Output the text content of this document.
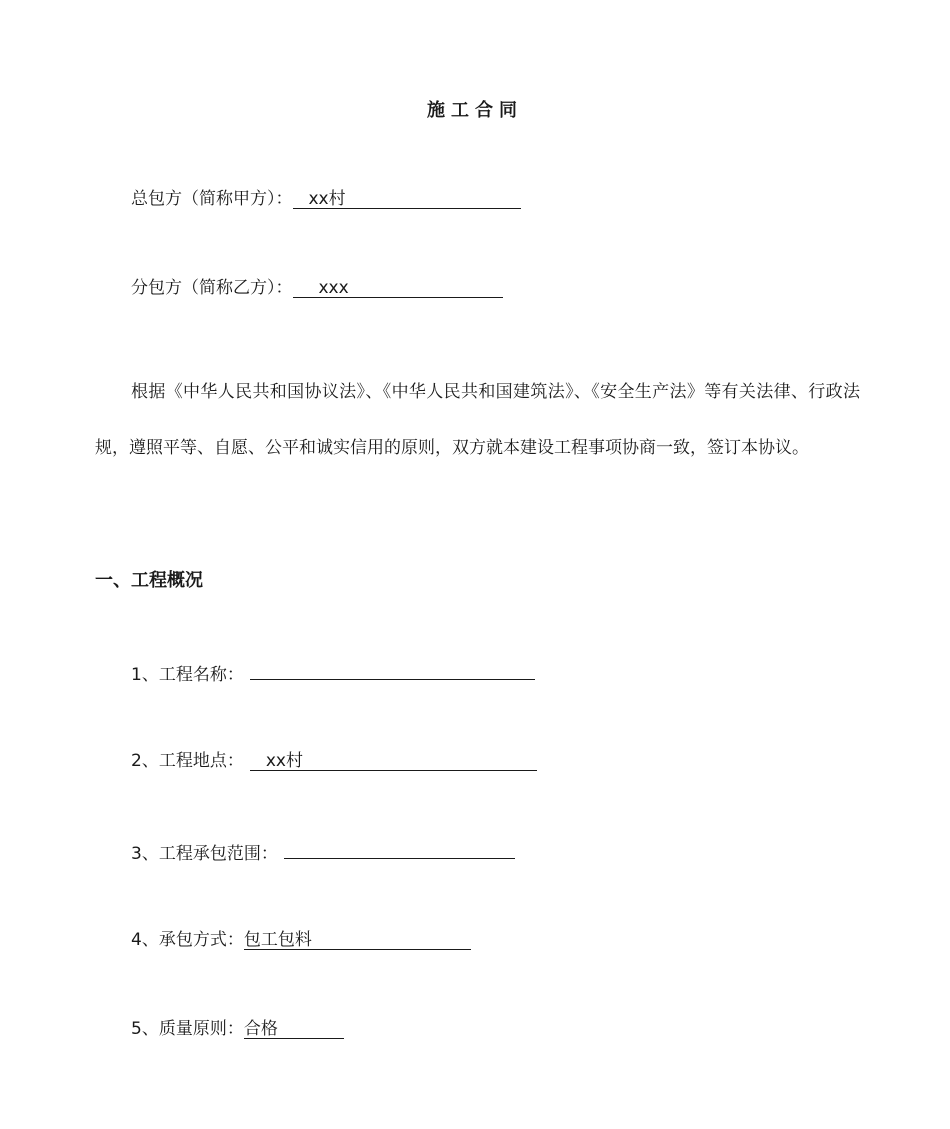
施工合同
总包方（简称甲方）： xx村
分包方（简称乙方）： xxx
根据《中华人民共和国协议法》、《中华人民共和国建筑法》、《安全生产法》等有关法律、行政法规，遵照平等、自愿、公平和诚实信用的原则，双方就本建设工程事项协商一致，签订本协议。
一、工程概况
1、工程名称：
2、工程地点： xx村
3、工程承包范围：
4、承包方式：包工包料
5、质量原则：合格
